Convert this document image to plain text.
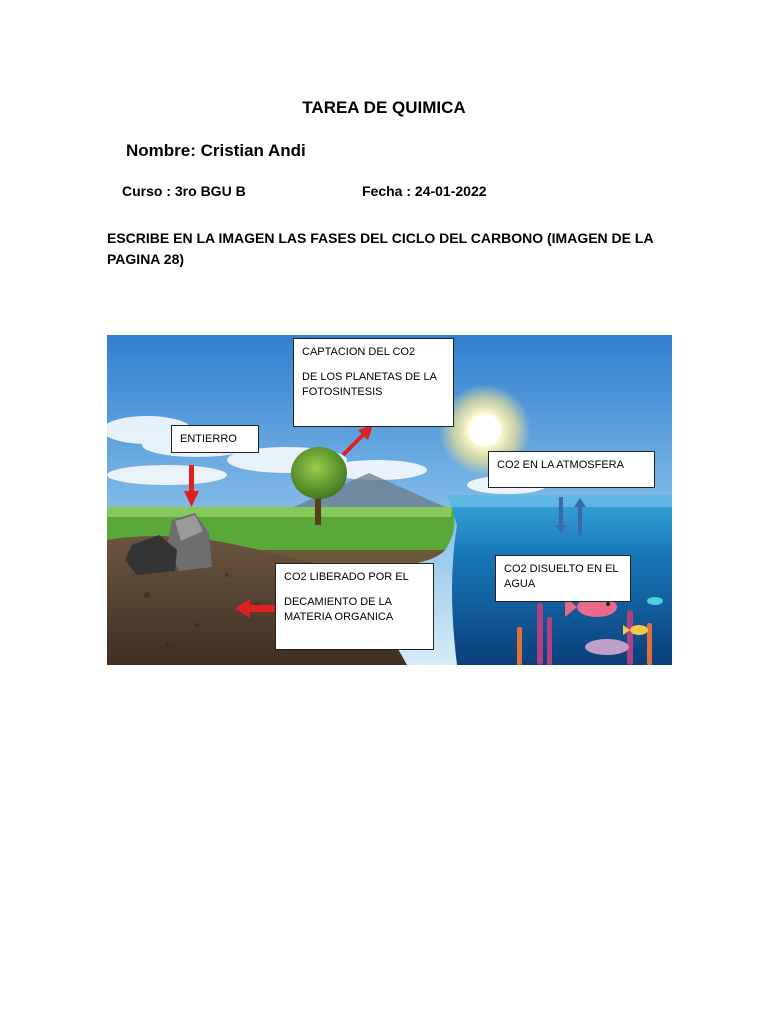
TAREA DE QUIMICA
Nombre: Cristian Andi
Curso : 3ro BGU B	Fecha : 24-01-2022
ESCRIBE EN LA IMAGEN LAS FASES DEL CICLO DEL CARBONO (IMAGEN DE LA PAGINA 28)

CAPTACION DEL CO2

DE LOS PLANETAS DE LA FOTOSINTESIS

ENTIERRO

CO2 EN LA ATMOSFERA

CO2 DISUELTO EN EL AGUA

CO2 LIBERADO POR EL

DECAMIENTO DE LA MATERIA ORGANICA
